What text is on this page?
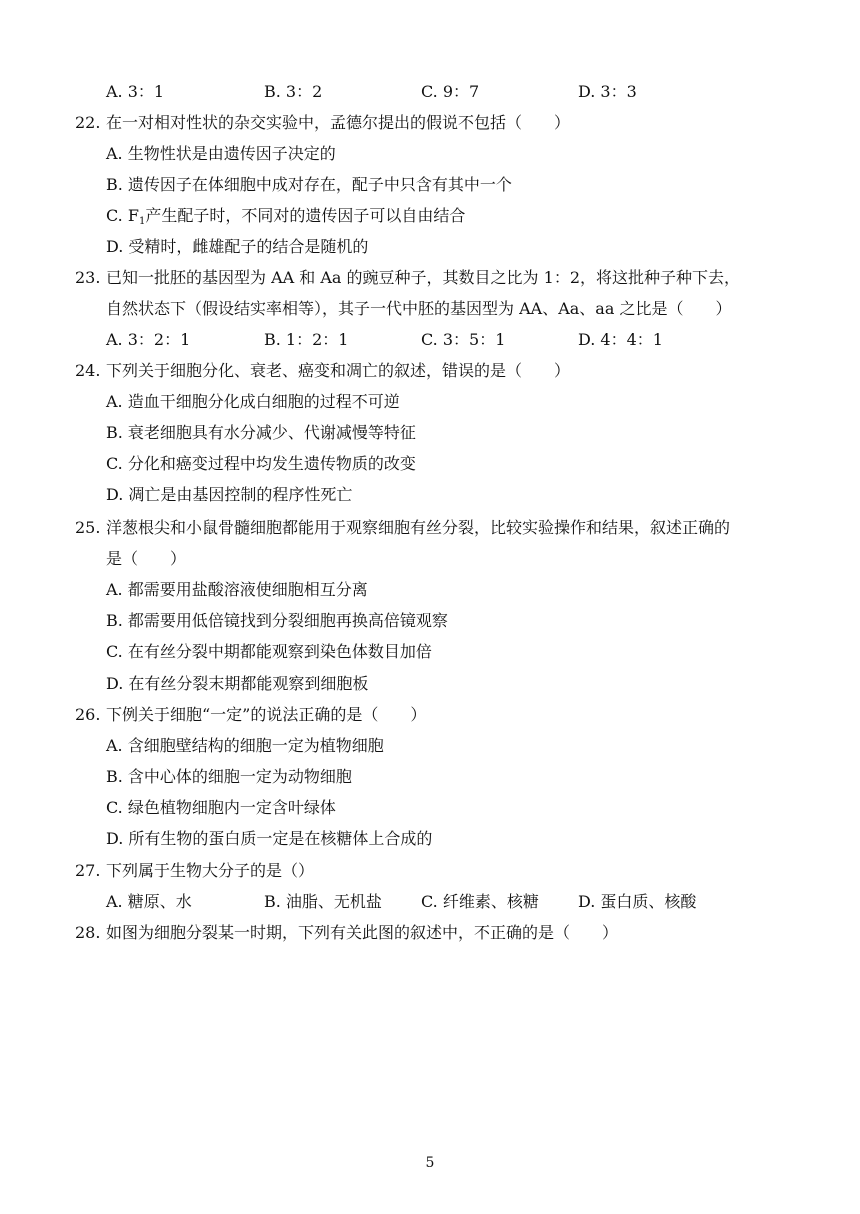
A. 3：1	B. 3：2	C. 9：7	D. 3：3
22. 在一对相对性状的杂交实验中，孟德尔提出的假说不包括（　　）
A. 生物性状是由遗传因子决定的
B. 遗传因子在体细胞中成对存在，配子中只含有其中一个
C. $F_1$产生配子时，不同对的遗传因子可以自由结合
D. 受精时，雌雄配子的结合是随机的
23. 已知一批胚的基因型为 AA 和 Aa 的豌豆种子，其数目之比为 1：2，将这批种子种下去，
自然状态下（假设结实率相等），其子一代中胚的基因型为 AA、Aa、aa 之比是（　　）
A. 3：2：1	B. 1：2：1	C. 3：5：1	D. 4：4：1
24. 下列关于细胞分化、衰老、癌变和凋亡的叙述，错误的是（　　）
A. 造血干细胞分化成白细胞的过程不可逆
B. 衰老细胞具有水分减少、代谢减慢等特征
C. 分化和癌变过程中均发生遗传物质的改变
D. 凋亡是由基因控制的程序性死亡
25. 洋葱根尖和小鼠骨髓细胞都能用于观察细胞有丝分裂，比较实验操作和结果，叙述正确的
是（　　）
A. 都需要用盐酸溶液使细胞相互分离
B. 都需要用低倍镜找到分裂细胞再换高倍镜观察
C. 在有丝分裂中期都能观察到染色体数目加倍
D. 在有丝分裂末期都能观察到细胞板
26. 下例关于细胞“一定”的说法正确的是（　　）
A. 含细胞壁结构的细胞一定为植物细胞
B. 含中心体的细胞一定为动物细胞
C. 绿色植物细胞内一定含叶绿体
D. 所有生物的蛋白质一定是在核糖体上合成的
27. 下列属于生物大分子的是（）
A. 糖原、水	B. 油脂、无机盐 C. 纤维素、核糖 D. 蛋白质、核酸
28. 如图为细胞分裂某一时期，下列有关此图的叙述中，不正确的是（　　）
5
